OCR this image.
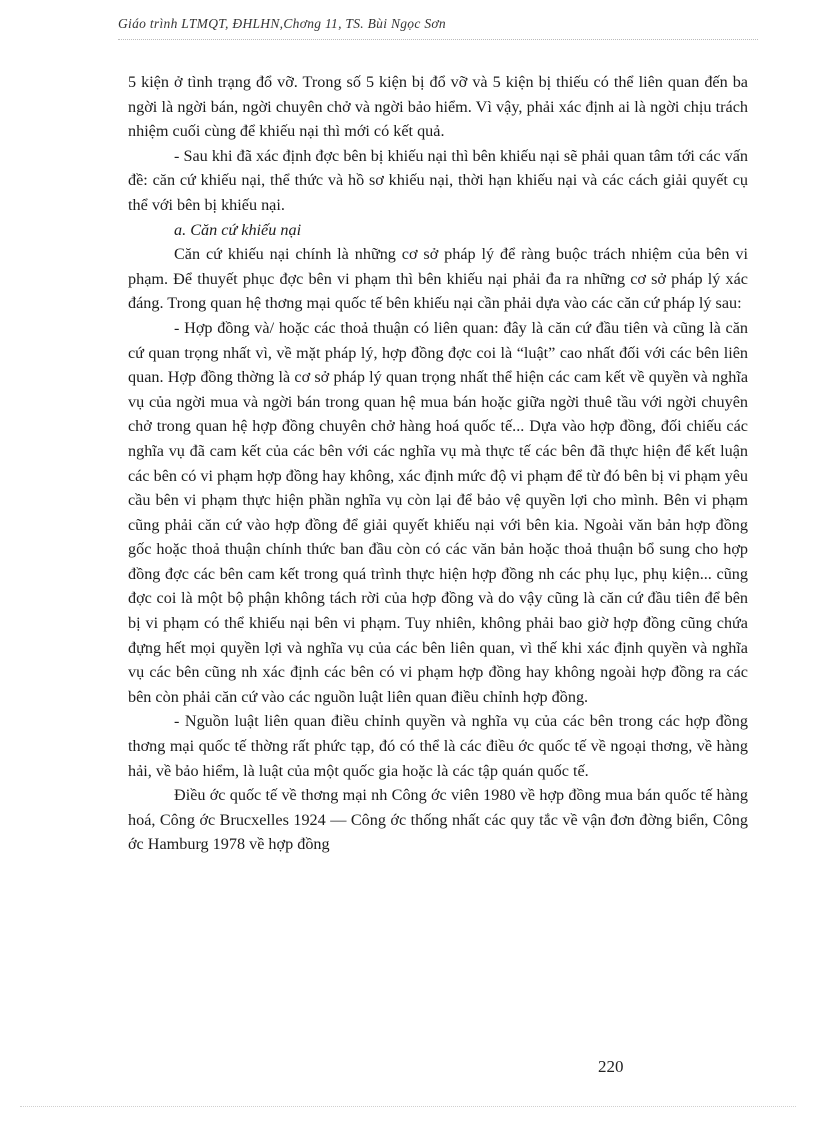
Giáo trình LTMQT, ĐHLHN,Chơng 11, TS. Bùi Ngọc Sơn

5 kiện ở tình trạng đổ vỡ. Trong số 5 kiện bị đổ vỡ và 5 kiện bị thiếu có thể liên quan đến ba ngời là ngời bán, ngời chuyên chở và ngời bảo hiểm. Vì vậy, phải xác định ai là ngời chịu trách nhiệm cuối cùng để khiếu nại thì mới có kết quả.

- Sau khi đã xác định đợc bên bị khiếu nại thì bên khiếu nại sẽ phải quan tâm tới các vấn đề: căn cứ khiếu nại, thể thức và hồ sơ khiếu nại, thời hạn khiếu nại và các cách giải quyết cụ thể với bên bị khiếu nại.

a. Căn cứ khiếu nại

Căn cứ khiếu nại chính là những cơ sở pháp lý để ràng buộc trách nhiệm của bên vi phạm. Để thuyết phục đợc bên vi phạm thì bên khiếu nại phải đa ra những cơ sở pháp lý xác đáng. Trong quan hệ thơng mại quốc tế bên khiếu nại cần phải dựa vào các căn cứ pháp lý sau:

- Hợp đồng và/ hoặc các thoả thuận có liên quan: đây là căn cứ đầu tiên và cũng là căn cứ quan trọng nhất vì, về mặt pháp lý, hợp đồng đợc coi là “luật” cao nhất đối với các bên liên quan. Hợp đồng thờng là cơ sở pháp lý quan trọng nhất thể hiện các cam kết về quyền và nghĩa vụ của ngời mua và ngời bán trong quan hệ mua bán hoặc giữa ngời thuê tầu với ngời chuyên chở trong quan hệ hợp đồng chuyên chở hàng hoá quốc tế... Dựa vào hợp đồng, đối chiếu các nghĩa vụ đã cam kết của các bên với các nghĩa vụ mà thực tế các bên đã thực hiện để kết luận các bên có vi phạm hợp đồng hay không, xác định mức độ vi phạm để từ đó bên bị vi phạm yêu cầu bên vi phạm thực hiện phần nghĩa vụ còn lại để bảo vệ quyền lợi cho mình. Bên vi phạm cũng phải căn cứ vào hợp đồng để giải quyết khiếu nại với bên kia. Ngoài văn bản hợp đồng gốc hoặc thoả thuận chính thức ban đầu còn có các văn bản hoặc thoả thuận bổ sung cho hợp đồng đợc các bên cam kết trong quá trình thực hiện hợp đồng nh các phụ lục, phụ kiện... cũng đợc coi là một bộ phận không tách rời của hợp đồng và do vậy cũng là căn cứ đầu tiên để bên bị vi phạm có thể khiếu nại bên vi phạm. Tuy nhiên, không phải bao giờ hợp đồng cũng chứa đựng hết mọi quyền lợi và nghĩa vụ của các bên liên quan, vì thế khi xác định quyền và nghĩa vụ các bên cũng nh xác định các bên có vi phạm hợp đồng hay không ngoài hợp đồng ra các bên còn phải căn cứ vào các nguồn luật liên quan điều chỉnh hợp đồng.

- Nguồn luật liên quan điều chỉnh quyền và nghĩa vụ của các bên trong các hợp đồng thơng mại quốc tế thờng rất phức tạp, đó có thể là các điều ớc quốc tế về ngoại thơng, về hàng hải, về bảo hiểm, là luật của một quốc gia hoặc là các tập quán quốc tế.

Điều ớc quốc tế về thơng mại nh Công ớc viên 1980 về hợp đồng mua bán quốc tế hàng hoá, Công ớc Brucxelles 1924 — Công ớc thống nhất các quy tắc về vận đơn đờng biển, Công ớc Hamburg 1978 về hợp đồng

220
